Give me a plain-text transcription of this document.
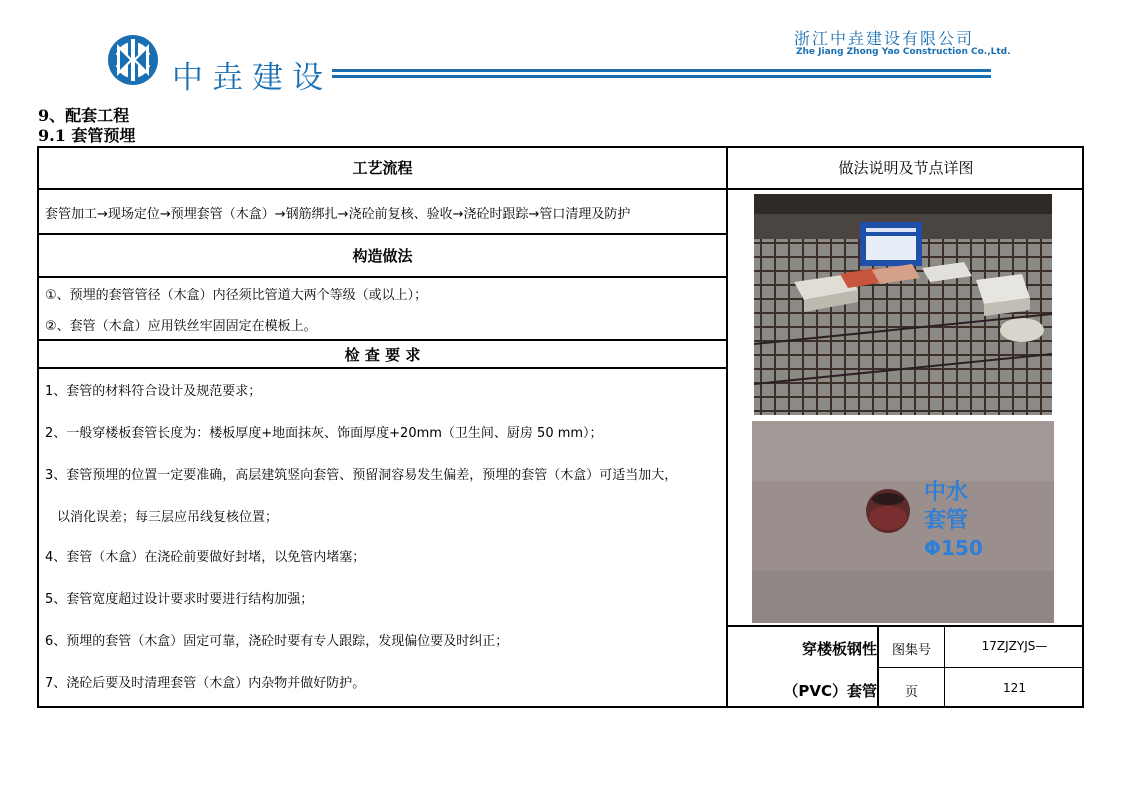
中垚建设
浙江中垚建设有限公司
Zhe Jiang Zhong Yao Construction Co.,Ltd.
9、配套工程
9.1 套管预埋
工艺流程	做法说明及节点详图
套管加工→现场定位→预埋套管（木盒）→钢筋绑扎→浇砼前复核、验收→浇砼时跟踪→管口清理及防护
构造做法
①、预埋的套管管径（木盒）内径须比管道大两个等级（或以上）；
②、套管（木盒）应用铁丝牢固固定在模板上。
检 查 要 求
1、套管的材料符合设计及规范要求；
2、一般穿楼板套管长度为：楼板厚度+地面抹灰、饰面厚度+20mm（卫生间、厨房 50 mm）；
3、套管预埋的位置一定要准确，高层建筑竖向套管、预留洞容易发生偏差，预埋的套管（木盒）可适当加大，
以消化误差；每三层应吊线复核位置；
4、套管（木盒）在浇砼前要做好封堵，以免管内堵塞；
5、套管宽度超过设计要求时要进行结构加强；
6、预埋的套管（木盒）固定可靠，浇砼时要有专人跟踪，发现偏位要及时纠正；
7、浇砼后要及时清理套管（木盒）内杂物并做好防护。
中水
套管
Φ150
穿楼板钢性
（PVC）套管
图集号	17ZJZYJS—
页	121
